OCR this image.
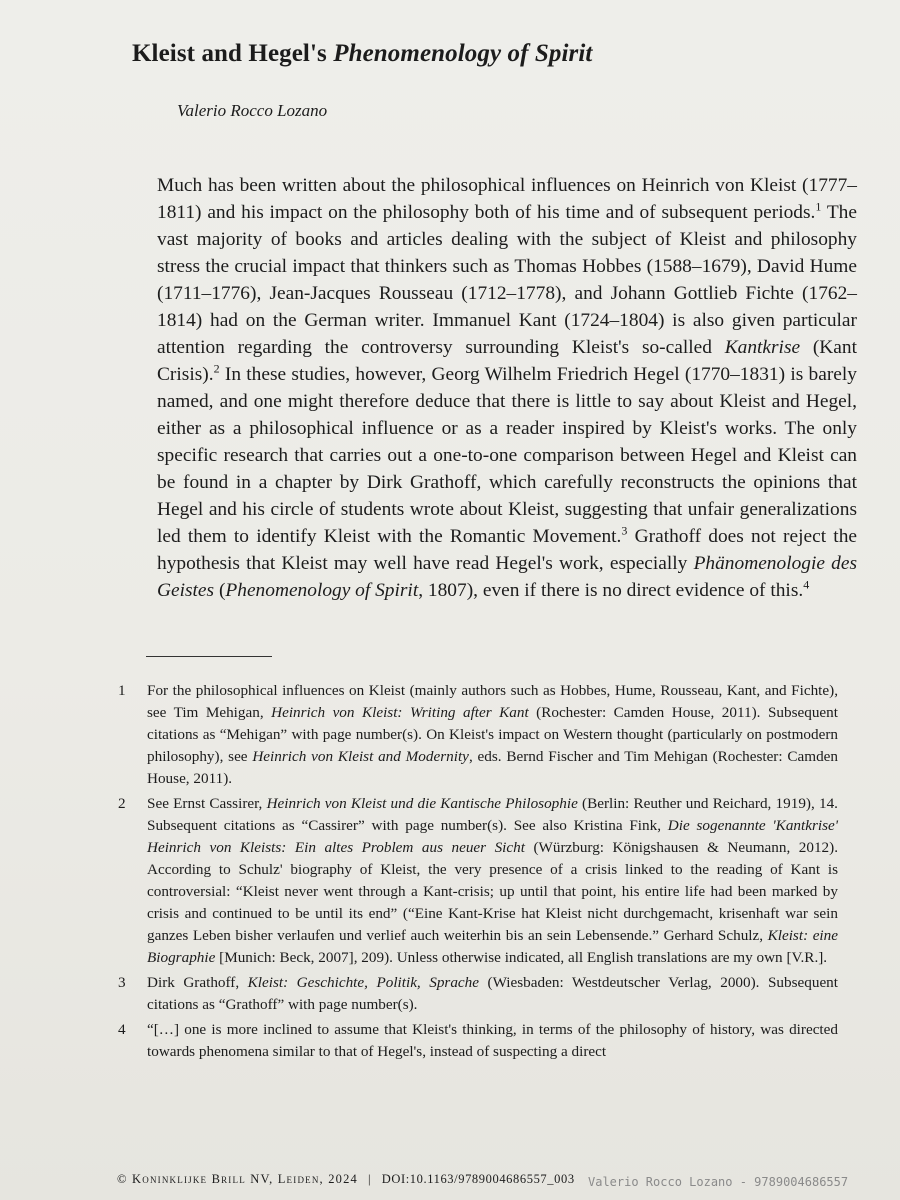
Kleist and Hegel's Phenomenology of Spirit
Valerio Rocco Lozano

Much has been written about the philosophical influences on Heinrich von Kleist (1777–1811) and his impact on the philosophy both of his time and of subsequent periods.$^1$ The vast majority of books and articles dealing with the subject of Kleist and philosophy stress the crucial impact that thinkers such as Thomas Hobbes (1588–1679), David Hume (1711–1776), Jean-Jacques Rousseau (1712–1778), and Johann Gottlieb Fichte (1762–1814) had on the German writer. Immanuel Kant (1724–1804) is also given particular attention regarding the controversy surrounding Kleist's so-called Kantkrise (Kant Crisis).$^2$ In these studies, however, Georg Wilhelm Friedrich Hegel (1770–1831) is barely named, and one might therefore deduce that there is little to say about Kleist and Hegel, either as a philosophical influence or as a reader inspired by Kleist's works. The only specific research that carries out a one-to-one comparison between Hegel and Kleist can be found in a chapter by Dirk Grathoff, which carefully reconstructs the opinions that Hegel and his circle of students wrote about Kleist, suggesting that unfair generalizations led them to identify Kleist with the Romantic Movement.$^3$ Grathoff does not reject the hypothesis that Kleist may well have read Hegel's work, especially Phänomenologie des Geistes (Phenomenology of Spirit, 1807), even if there is no direct evidence of this.$^4$

1	For the philosophical influences on Kleist (mainly authors such as Hobbes, Hume, Rousseau, Kant, and Fichte), see Tim Mehigan, Heinrich von Kleist: Writing after Kant (Rochester: Camden House, 2011). Subsequent citations as “Mehigan” with page number(s). On Kleist's impact on Western thought (particularly on postmodern philosophy), see Heinrich von Kleist and Modernity, eds. Bernd Fischer and Tim Mehigan (Rochester: Camden House, 2011).
2	See Ernst Cassirer, Heinrich von Kleist und die Kantische Philosophie (Berlin: Reuther und Reichard, 1919), 14. Subsequent citations as “Cassirer” with page number(s). See also Kristina Fink, Die sogenannte 'Kantkrise' Heinrich von Kleists: Ein altes Problem aus neuer Sicht (Würzburg: Königshausen & Neumann, 2012). According to Schulz' biography of Kleist, the very presence of a crisis linked to the reading of Kant is controversial: “Kleist never went through a Kant-crisis; up until that point, his entire life had been marked by crisis and continued to be until its end” (“Eine Kant-Krise hat Kleist nicht durchgemacht, krisenhaft war sein ganzes Leben bisher verlaufen und verlief auch weiterhin bis an sein Lebensende.” Gerhard Schulz, Kleist: eine Biographie [Munich: Beck, 2007], 209). Unless otherwise indicated, all English translations are my own [V.R.].
3	Dirk Grathoff, Kleist: Geschichte, Politik, Sprache (Wiesbaden: Westdeutscher Verlag, 2000). Subsequent citations as “Grathoff” with page number(s).
4	“[…] one is more inclined to assume that Kleist's thinking, in terms of the philosophy of history, was directed towards phenomena similar to that of Hegel's, instead of suspecting a direct
© Koninklijke Brill NV, Leiden, 2024 | DOI:10.1163/9789004686557_003	Valerio Rocco Lozano - 9789004686557
